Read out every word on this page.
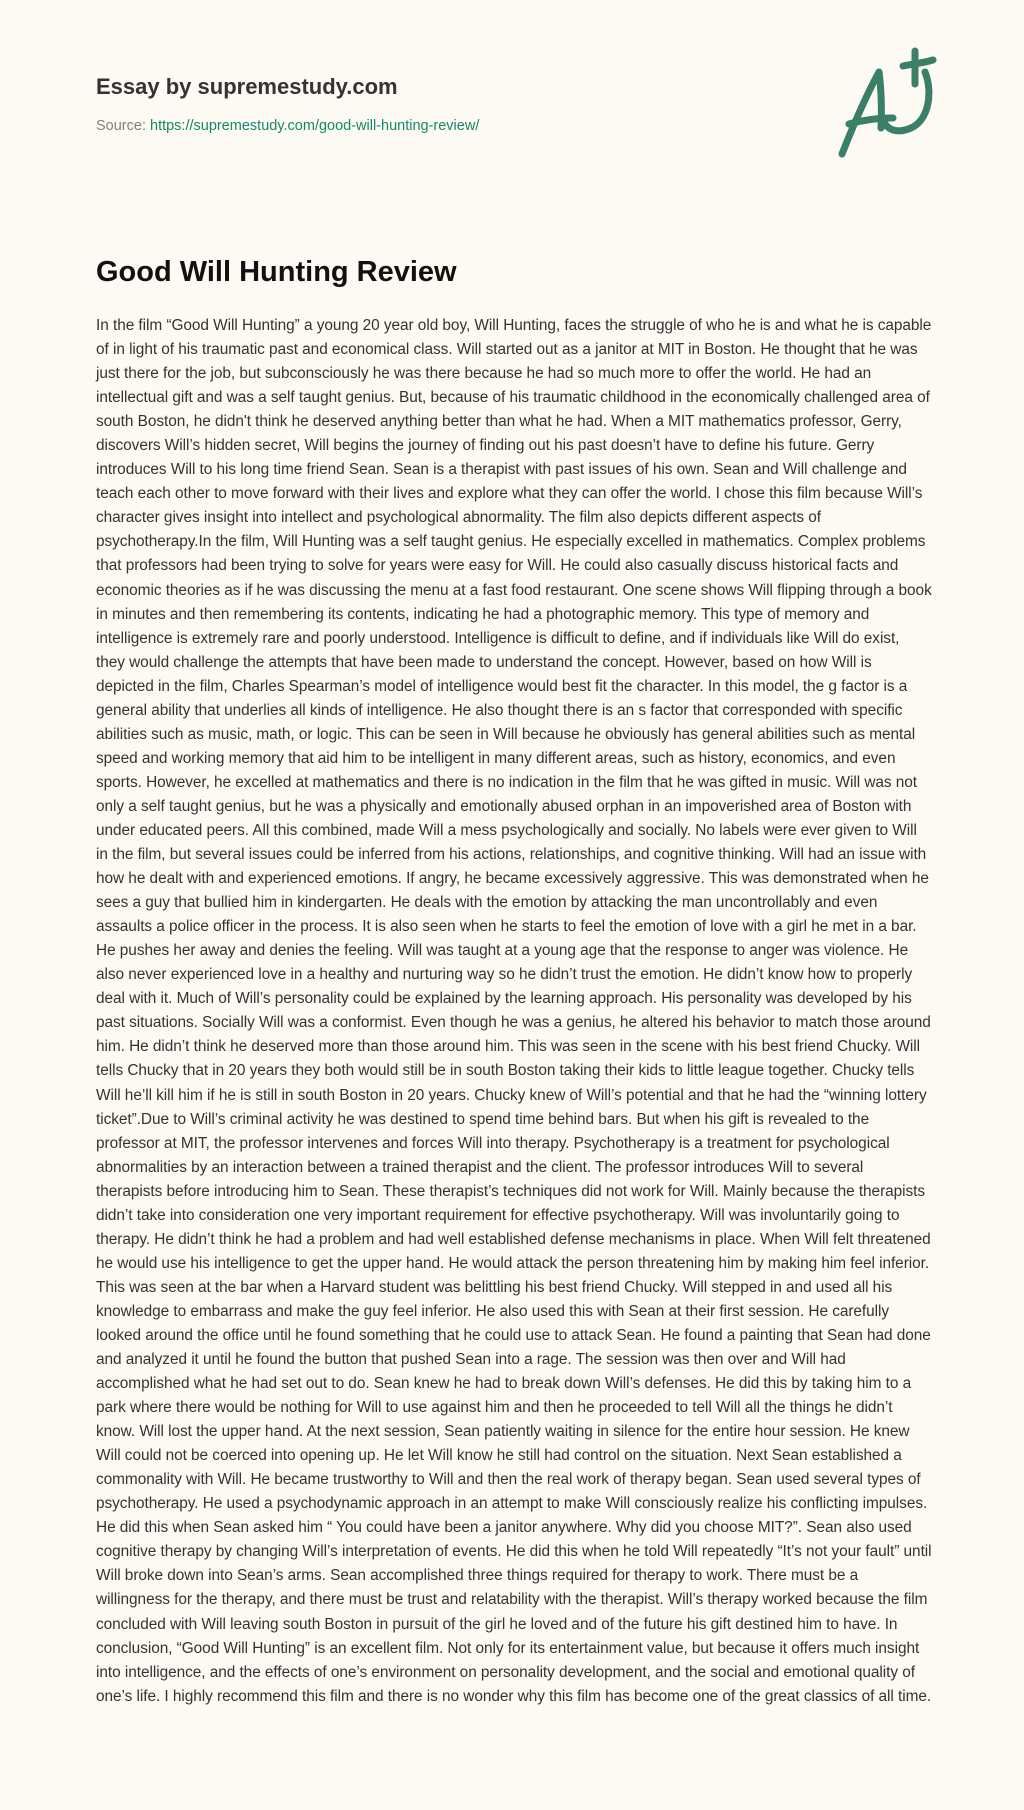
Essay by supremestudy.com
Source: https://supremestudy.com/good-will-hunting-review/
Good Will Hunting Review

In the film “Good Will Hunting” a young 20 year old boy, Will Hunting, faces the struggle of who he is and what he is capable of in light of his traumatic past and economical class. Will started out as a janitor at MIT in Boston. He thought that he was just there for the job, but subconsciously he was there because he had so much more to offer the world. He had an intellectual gift and was a self taught genius. But, because of his traumatic childhood in the economically challenged area of south Boston, he didn't think he deserved anything better than what he had. When a MIT mathematics professor, Gerry, discovers Will’s hidden secret, Will begins the journey of finding out his past doesn’t have to define his future. Gerry introduces Will to his long time friend Sean. Sean is a therapist with past issues of his own. Sean and Will challenge and teach each other to move forward with their lives and explore what they can offer the world. I chose this film because Will’s character gives insight into intellect and psychological abnormality. The film also depicts different aspects of psychotherapy.In the film, Will Hunting was a self taught genius. He especially excelled in mathematics. Complex problems that professors had been trying to solve for years were easy for Will. He could also casually discuss historical facts and economic theories as if he was discussing the menu at a fast food restaurant. One scene shows Will flipping through a book in minutes and then remembering its contents, indicating he had a photographic memory. This type of memory and intelligence is extremely rare and poorly understood. Intelligence is difficult to define, and if individuals like Will do exist, they would challenge the attempts that have been made to understand the concept. However, based on how Will is depicted in the film, Charles Spearman’s model of intelligence would best fit the character. In this model, the g factor is a general ability that underlies all kinds of intelligence. He also thought there is an s factor that corresponded with specific abilities such as music, math, or logic. This can be seen in Will because he obviously has general abilities such as mental speed and working memory that aid him to be intelligent in many different areas, such as history, economics, and even sports. However, he excelled at mathematics and there is no indication in the film that he was gifted in music. Will was not only a self taught genius, but he was a physically and emotionally abused orphan in an impoverished area of Boston with under educated peers. All this combined, made Will a mess psychologically and socially. No labels were ever given to Will in the film, but several issues could be inferred from his actions, relationships, and cognitive thinking. Will had an issue with how he dealt with and experienced emotions. If angry, he became excessively aggressive. This was demonstrated when he sees a guy that bullied him in kindergarten. He deals with the emotion by attacking the man uncontrollably and even assaults a police officer in the process. It is also seen when he starts to feel the emotion of love with a girl he met in a bar. He pushes her away and denies the feeling. Will was taught at a young age that the response to anger was violence. He also never experienced love in a healthy and nurturing way so he didn’t trust the emotion. He didn’t know how to properly deal with it. Much of Will’s personality could be explained by the learning approach. His personality was developed by his past situations. Socially Will was a conformist. Even though he was a genius, he altered his behavior to match those around him. He didn’t think he deserved more than those around him. This was seen in the scene with his best friend Chucky. Will tells Chucky that in 20 years they both would still be in south Boston taking their kids to little league together. Chucky tells Will he’ll kill him if he is still in south Boston in 20 years. Chucky knew of Will’s potential and that he had the “winning lottery ticket”.Due to Will’s criminal activity he was destined to spend time behind bars. But when his gift is revealed to the professor at MIT, the professor intervenes and forces Will into therapy. Psychotherapy is a treatment for psychological abnormalities by an interaction between a trained therapist and the client. The professor introduces Will to several therapists before introducing him to Sean. These therapist’s techniques did not work for Will. Mainly because the therapists didn’t take into consideration one very important requirement for effective psychotherapy. Will was involuntarily going to therapy. He didn’t think he had a problem and had well established defense mechanisms in place. When Will felt threatened he would use his intelligence to get the upper hand. He would attack the person threatening him by making him feel inferior. This was seen at the bar when a Harvard student was belittling his best friend Chucky. Will stepped in and used all his knowledge to embarrass and make the guy feel inferior. He also used this with Sean at their first session. He carefully looked around the office until he found something that he could use to attack Sean. He found a painting that Sean had done and analyzed it until he found the button that pushed Sean into a rage. The session was then over and Will had accomplished what he had set out to do. Sean knew he had to break down Will’s defenses. He did this by taking him to a park where there would be nothing for Will to use against him and then he proceeded to tell Will all the things he didn’t know. Will lost the upper hand. At the next session, Sean patiently waiting in silence for the entire hour session. He knew Will could not be coerced into opening up. He let Will know he still had control on the situation. Next Sean established a commonality with Will. He became trustworthy to Will and then the real work of therapy began. Sean used several types of psychotherapy. He used a psychodynamic approach in an attempt to make Will consciously realize his conflicting impulses. He did this when Sean asked him “ You could have been a janitor anywhere. Why did you choose MIT?”. Sean also used cognitive therapy by changing Will’s interpretation of events. He did this when he told Will repeatedly “It’s not your fault” until Will broke down into Sean’s arms. Sean accomplished three things required for therapy to work. There must be a willingness for the therapy, and there must be trust and relatability with the therapist. Will’s therapy worked because the film concluded with Will leaving south Boston in pursuit of the girl he loved and of the future his gift destined him to have. In conclusion, “Good Will Hunting” is an excellent film. Not only for its entertainment value, but because it offers much insight into intelligence, and the effects of one’s environment on personality development, and the social and emotional quality of one’s life. I highly recommend this film and there is no wonder why this film has become one of the great classics of all time.
